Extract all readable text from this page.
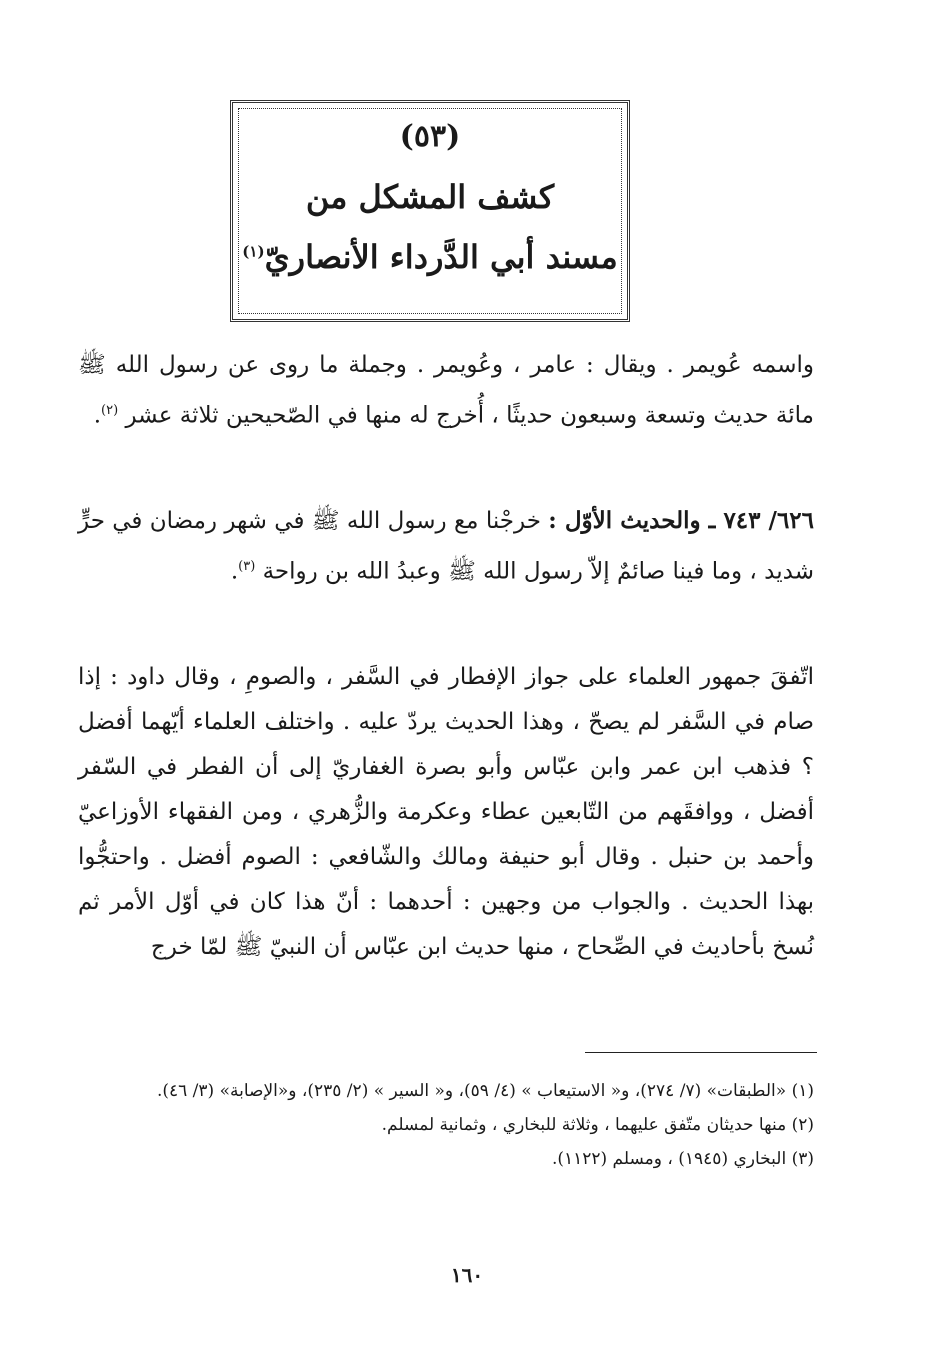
(٥٣)
كشف المشكل من
مسند أبي الدَّرداء الأنصاريّ$^{(١)}$
واسمه عُويمر . ويقال : عامر ، وعُويمر . وجملة ما روى عن رسول الله ﷺ مائة حديث وتسعة وسبعون حديثًا ، أُخرج له منها في الصّحيحين ثلاثة عشر $^{(٢)}$.
٦٢٦/ ٧٤٣ ـ والحديث الأوّل : خرجْنا مع رسول الله ﷺ في شهر رمضان في حرٍّ شديد ، وما فينا صائمٌ إلاّ رسول الله ﷺ وعبدُ الله بن رواحة $^{(٣)}$.
اتّفقَ جمهور العلماء على جواز الإفطار في السَّفر ، والصومِ ، وقال داود : إذا صام في السَّفر لم يصحّ ، وهذا الحديث يردّ عليه . واختلف العلماء أيّهما أفضل ؟ فذهب ابن عمر وابن عبّاس وأبو بصرة الغفاريّ إلى أن الفطر في السّفر أفضل ، ووافقَهم من التّابعين عطاء وعكرمة والزُّهري ، ومن الفقهاء الأوزاعيّ وأحمد بن حنبل . وقال أبو حنيفة ومالك والشّافعي : الصوم أفضل . واحتجُّوا بهذا الحديث . والجواب من وجهين : أحدهما : أنّ هذا كان في أوّل الأمر ثم نُسخ بأحاديث في الصِّحاح ، منها حديث ابن عبّاس أن النبيّ ﷺ لمّا خرج

(١) «الطبقات» (٧/ ٢٧٤)، و« الاستيعاب » (٤/ ٥٩)، و« السير » (٢/ ٢٣٥)، و«الإصابة» (٣/ ٤٦).

(٢) منها حديثان متّفق عليهما ، وثلاثة للبخاري ، وثمانية لمسلم.

(٣) البخاري (١٩٤٥) ، ومسلم (١١٢٢).

١٦٠
